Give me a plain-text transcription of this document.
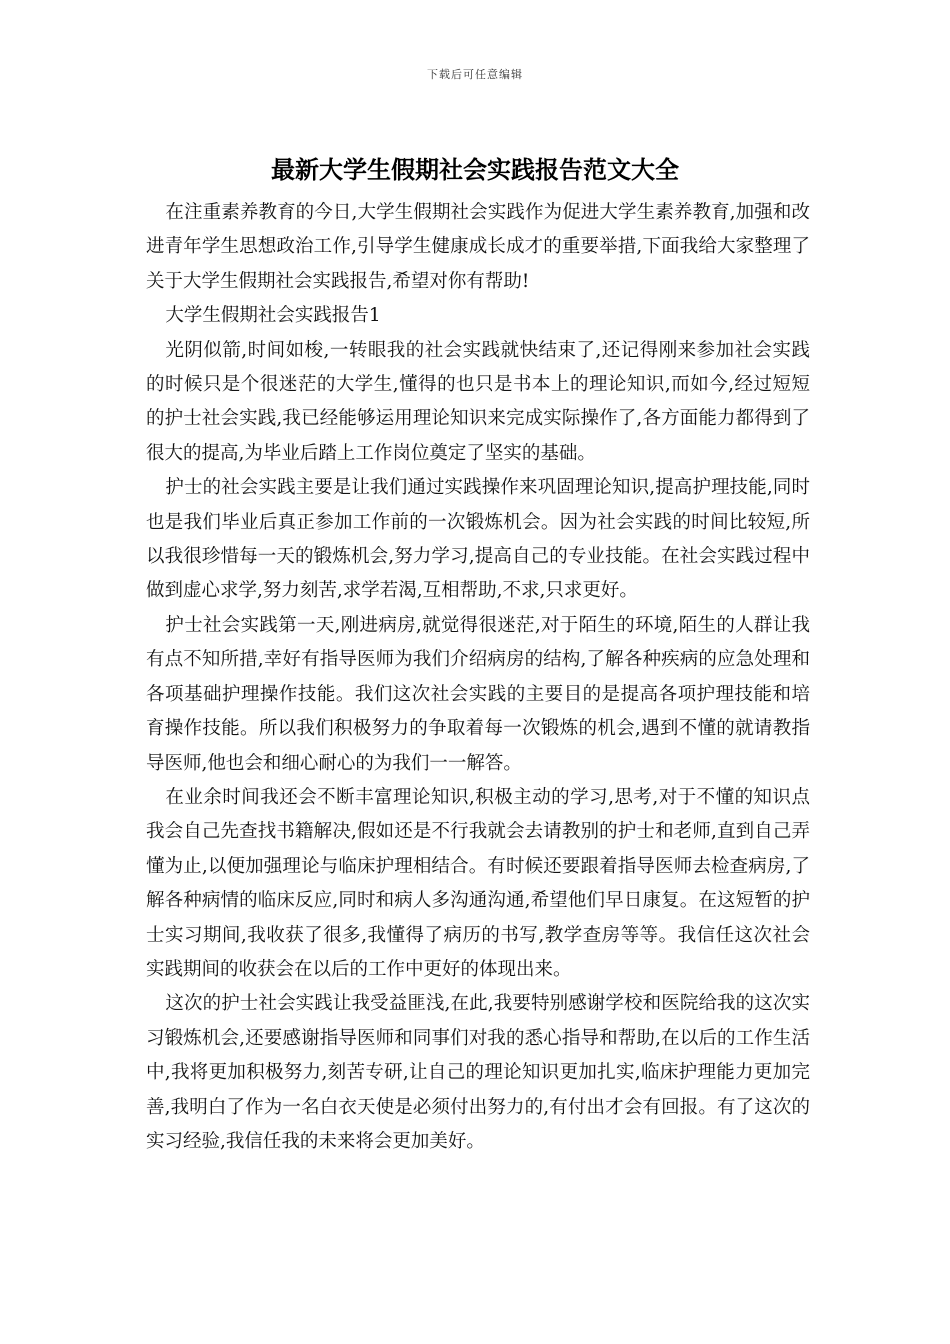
下载后可任意编辑
最新大学生假期社会实践报告范文大全

在注重素养教育的今日,大学生假期社会实践作为促进大学生素养教育,加强和改进青年学生思想政治工作,引导学生健康成长成才的重要举措,下面我给大家整理了关于大学生假期社会实践报告,希望对你有帮助!

大学生假期社会实践报告1

光阴似箭,时间如梭,一转眼我的社会实践就快结束了,还记得刚来参加社会实践的时候只是个很迷茫的大学生,懂得的也只是书本上的理论知识,而如今,经过短短的护士社会实践,我已经能够运用理论知识来完成实际操作了,各方面能力都得到了很大的提高,为毕业后踏上工作岗位奠定了坚实的基础。

护士的社会实践主要是让我们通过实践操作来巩固理论知识,提高护理技能,同时也是我们毕业后真正参加工作前的一次锻炼机会。因为社会实践的时间比较短,所以我很珍惜每一天的锻炼机会,努力学习,提高自己的专业技能。在社会实践过程中做到虚心求学,努力刻苦,求学若渴,互相帮助,不求,只求更好。

护士社会实践第一天,刚进病房,就觉得很迷茫,对于陌生的环境,陌生的人群让我有点不知所措,幸好有指导医师为我们介绍病房的结构,了解各种疾病的应急处理和各项基础护理操作技能。我们这次社会实践的主要目的是提高各项护理技能和培育操作技能。所以我们积极努力的争取着每一次锻炼的机会,遇到不懂的就请教指导医师,他也会和细心耐心的为我们一一解答。

在业余时间我还会不断丰富理论知识,积极主动的学习,思考,对于不懂的知识点我会自己先查找书籍解决,假如还是不行我就会去请教别的护士和老师,直到自己弄懂为止,以便加强理论与临床护理相结合。有时候还要跟着指导医师去检查病房,了解各种病情的临床反应,同时和病人多沟通沟通,希望他们早日康复。在这短暂的护士实习期间,我收获了很多,我懂得了病历的书写,教学查房等等。我信任这次社会实践期间的收获会在以后的工作中更好的体现出来。

这次的护士社会实践让我受益匪浅,在此,我要特别感谢学校和医院给我的这次实习锻炼机会,还要感谢指导医师和同事们对我的悉心指导和帮助,在以后的工作生活中,我将更加积极努力,刻苦专研,让自己的理论知识更加扎实,临床护理能力更加完善,我明白了作为一名白衣天使是必须付出努力的,有付出才会有回报。有了这次的实习经验,我信任我的未来将会更加美好。
